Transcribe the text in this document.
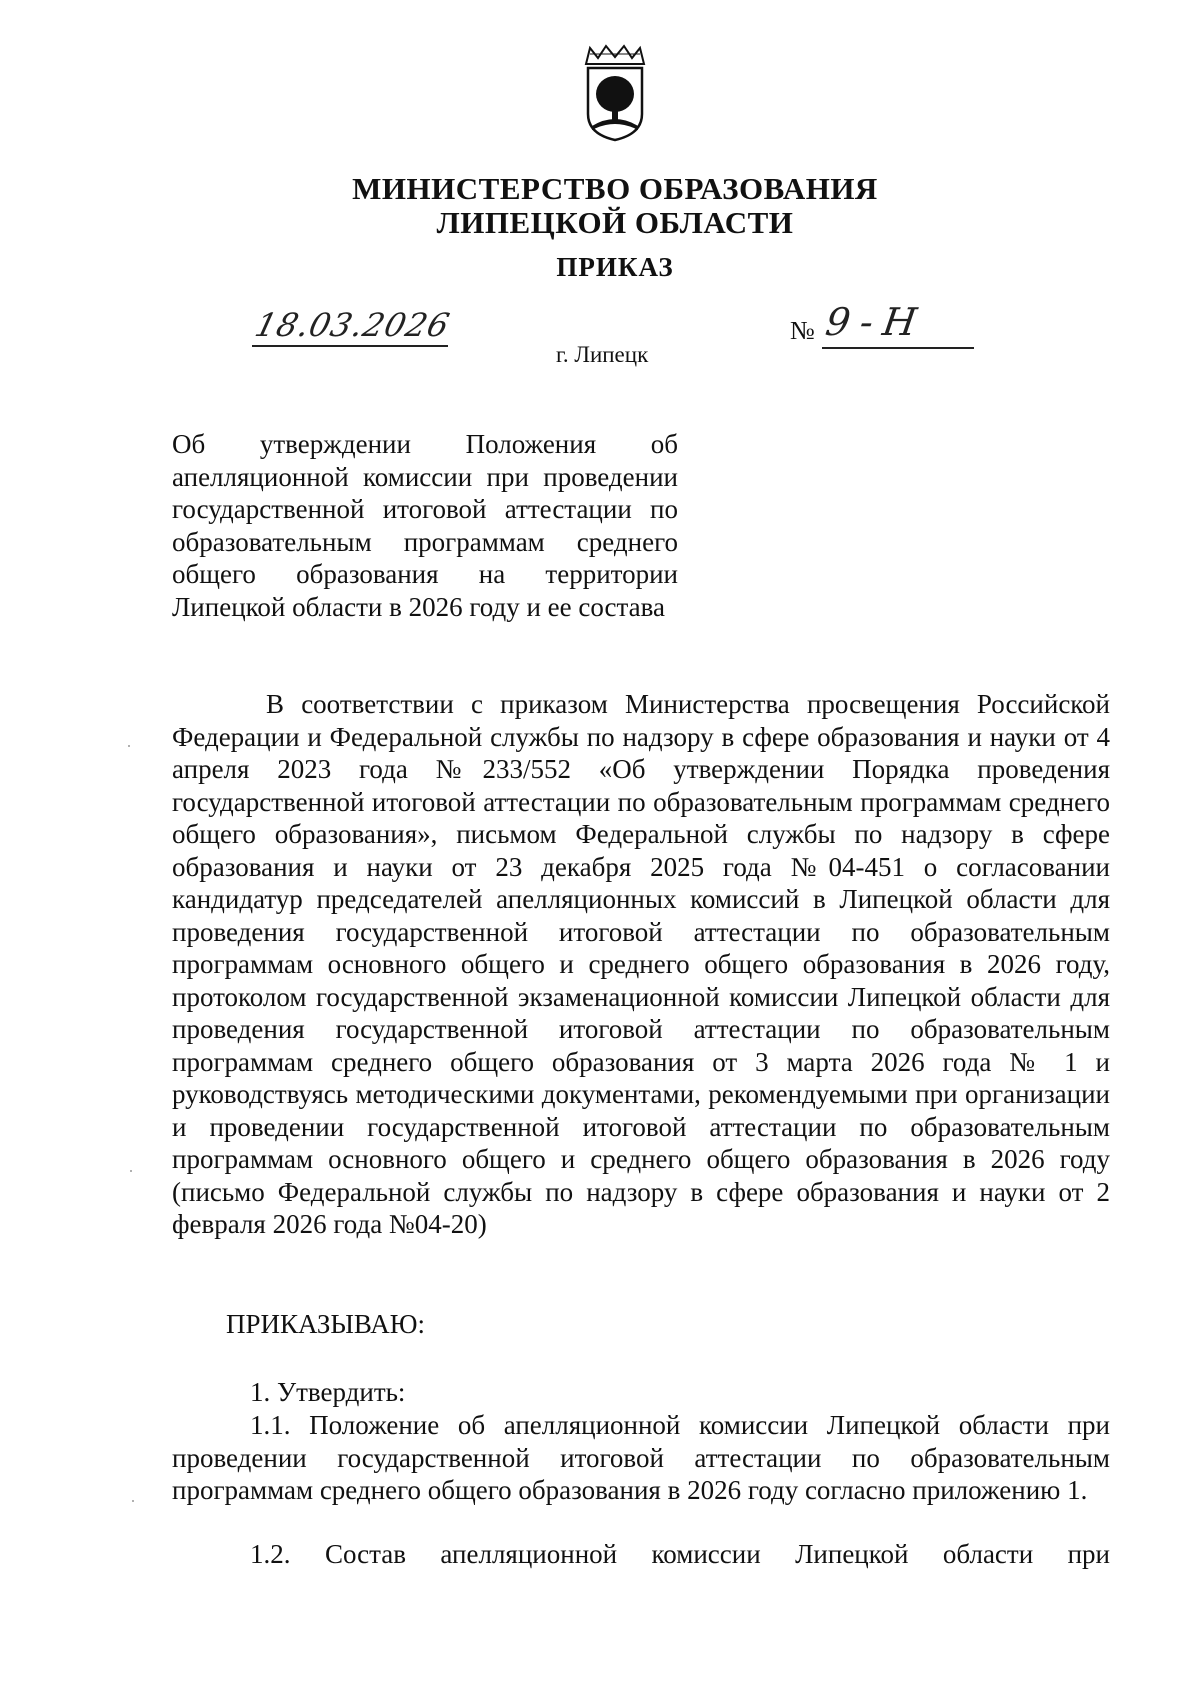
МИНИСТЕРСТВО ОБРАЗОВАНИЯ
ЛИПЕЦКОЙ ОБЛАСТИ
ПРИКАЗ
18.03.2026	№ 9-Н
г. Липецк
Об утверждении Положения об апелляционной комиссии при проведении государственной итоговой аттестации по образовательным программам среднего общего образования на территории Липецкой области в 2026 году и ее состава
В соответствии с приказом Министерства просвещения Российской Федерации и Федеральной службы по надзору в сфере образования и науки от 4 апреля 2023 года №233/552 «Об утверждении Порядка проведения государственной итоговой аттестации по образовательным программам среднего общего образования», письмом Федеральной службы по надзору в сфере образования и науки от 23 декабря 2025 года №04-451 о согласовании кандидатур председателей апелляционных комиссий в Липецкой области для проведения государственной итоговой аттестации по образовательным программам основного общего и среднего общего образования в 2026 году, протоколом государственной экзаменационной комиссии Липецкой области для проведения государственной итоговой аттестации по образовательным программам среднего общего образования от 3 марта 2026 года № 1 и руководствуясь методическими документами, рекомендуемыми при организации и проведении государственной итоговой аттестации по образовательным программам основного общего и среднего общего образования в 2026 году (письмо Федеральной службы по надзору в сфере образования и науки от 2 февраля 2026 года №04-20)
ПРИКАЗЫВАЮ:
1. Утвердить:
1.1. Положение об апелляционной комиссии Липецкой области при проведении государственной итоговой аттестации по образовательным программам среднего общего образования в 2026 году согласно приложению 1.
1.2. Состав апелляционной комиссии Липецкой области при
